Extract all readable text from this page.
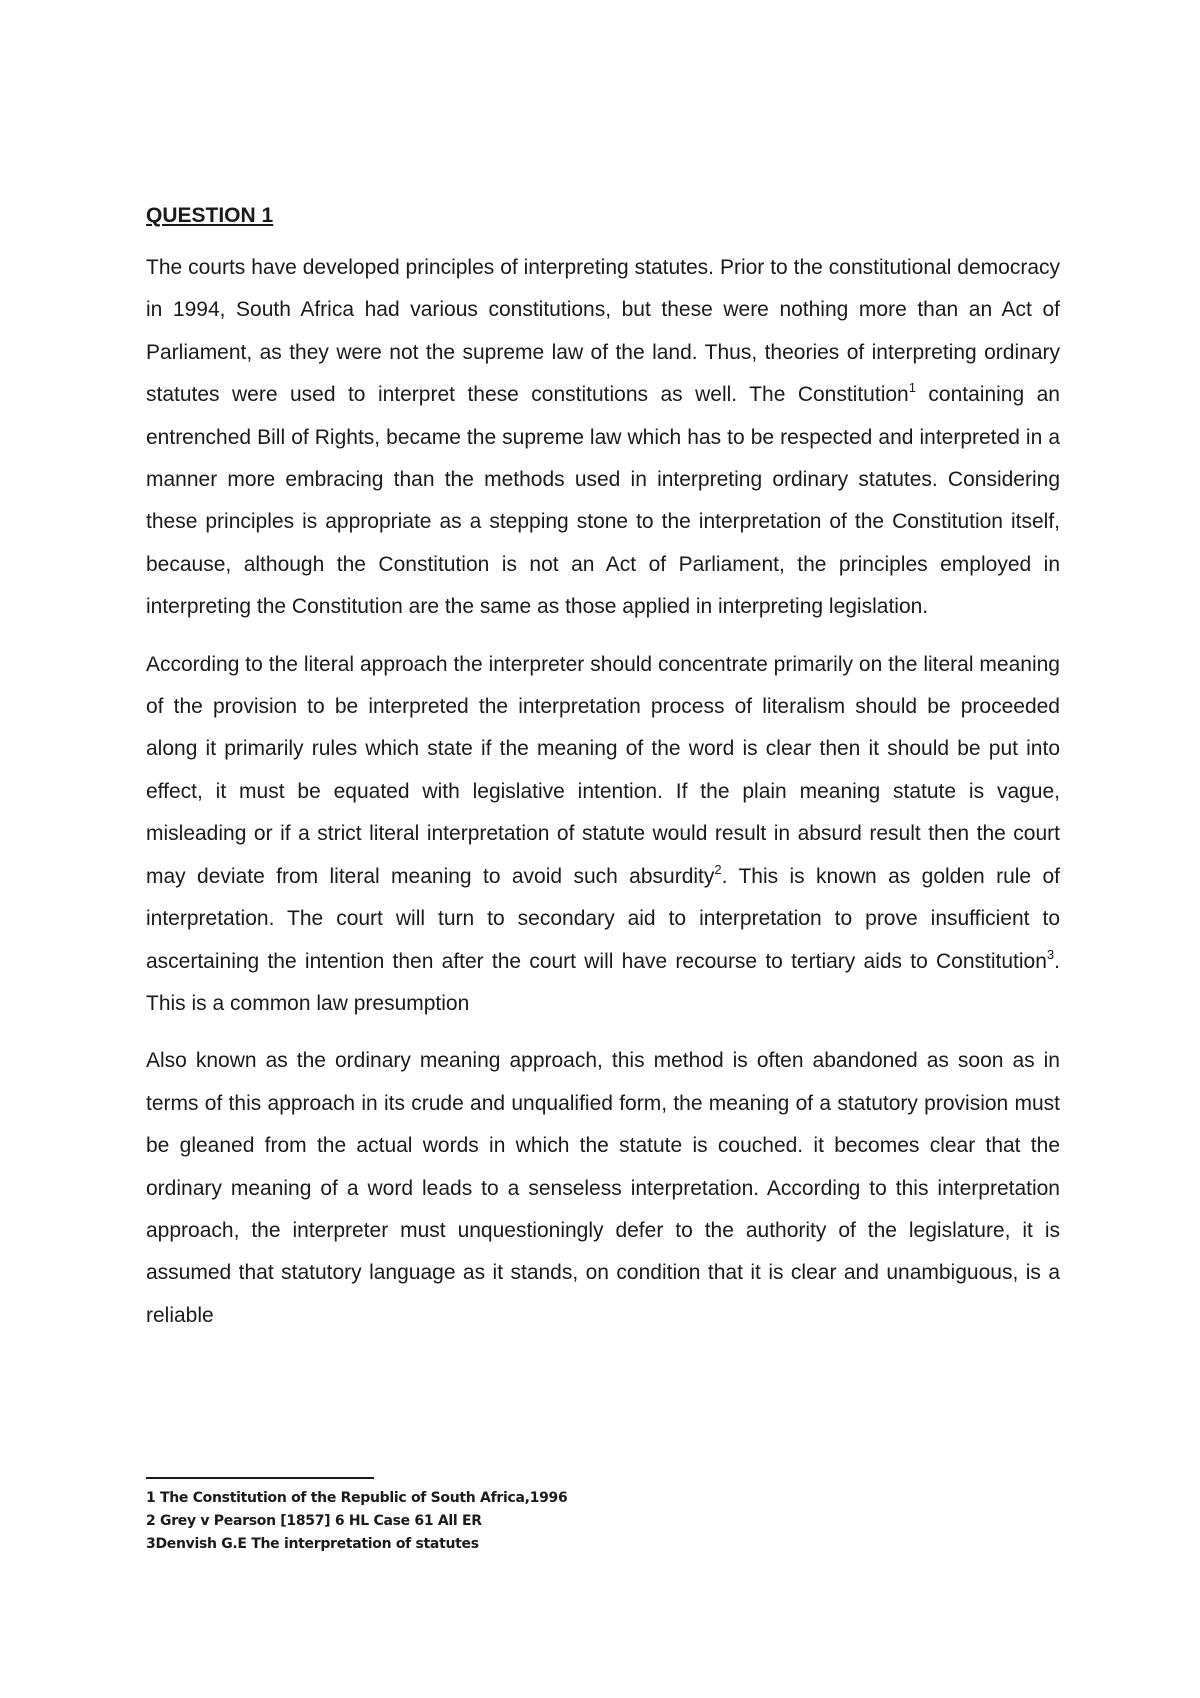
QUESTION 1

The courts have developed principles of interpreting statutes. Prior to the constitutional democracy in 1994, South Africa had various constitutions, but these were nothing more than an Act of Parliament, as they were not the supreme law of the land. Thus, theories of interpreting ordinary statutes were used to interpret these constitutions as well. The Constitution$^1$ containing an entrenched Bill of Rights, became the supreme law which has to be respected and interpreted in a manner more embracing than the methods used in interpreting ordinary statutes. Considering these principles is appropriate as a stepping stone to the interpretation of the Constitution itself, because, although the Constitution is not an Act of Parliament, the principles employed in interpreting the Constitution are the same as those applied in interpreting legislation.

According to the literal approach the interpreter should concentrate primarily on the literal meaning of the provision to be interpreted the interpretation process of literalism should be proceeded along it primarily rules which state if the meaning of the word is clear then it should be put into effect, it must be equated with legislative intention. If the plain meaning statute is vague, misleading or if a strict literal interpretation of statute would result in absurd result then the court may deviate from literal meaning to avoid such absurdity$^2$. This is known as golden rule of interpretation. The court will turn to secondary aid to interpretation to prove insufficient to ascertaining the intention then after the court will have recourse to tertiary aids to Constitution$^3$. This is a common law presumption

Also known as the ordinary meaning approach, this method is often abandoned as soon as in terms of this approach in its crude and unqualified form, the meaning of a statutory provision must be gleaned from the actual words in which the statute is couched. it becomes clear that the ordinary meaning of a word leads to a senseless interpretation. According to this interpretation approach, the interpreter must unquestioningly defer to the authority of the legislature, it is assumed that statutory language as it stands, on condition that it is clear and unambiguous, is a reliable

1 The Constitution of the Republic of South Africa,1996
2 Grey v Pearson [1857] 6 HL Case 61 All ER
3Denvish G.E The interpretation of statutes
